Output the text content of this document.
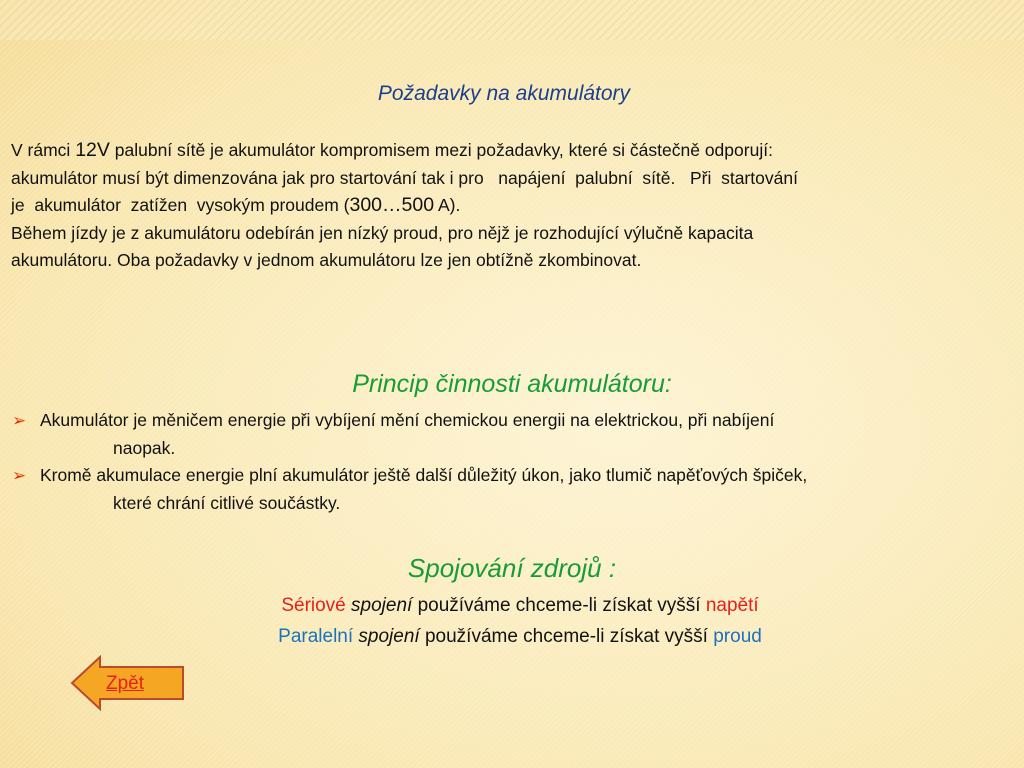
Požadavky na akumulátory
V rámci 12V palubní sítě je akumulátor kompromisem mezi požadavky, které si částečně odporují:
akumulátor musí být dimenzována jak pro startování tak i pro   napájení  palubní  sítě.   Při  startování
je  akumulátor  zatížen  vysokým proudem (300…500 A).
Během jízdy je z akumulátoru odebírán jen nízký proud, pro nějž je rozhodující výlučně kapacita
akumulátoru. Oba požadavky v jednom akumulátoru lze jen obtížně zkombinovat.
Princip činnosti akumulátoru:
➢ Akumulátor je měničem energie při vybíjení mění chemickou energii na elektrickou, při nabíjení
naopak.
➢ Kromě akumulace energie plní akumulátor ještě další důležitý úkon, jako tlumič napěťových špiček,
které chrání citlivé součástky.
Spojování zdrojů :
Sériové spojení používáme chceme-li získat vyšší napětí
Paralelní spojení používáme chceme-li získat vyšší proud
Zpět
